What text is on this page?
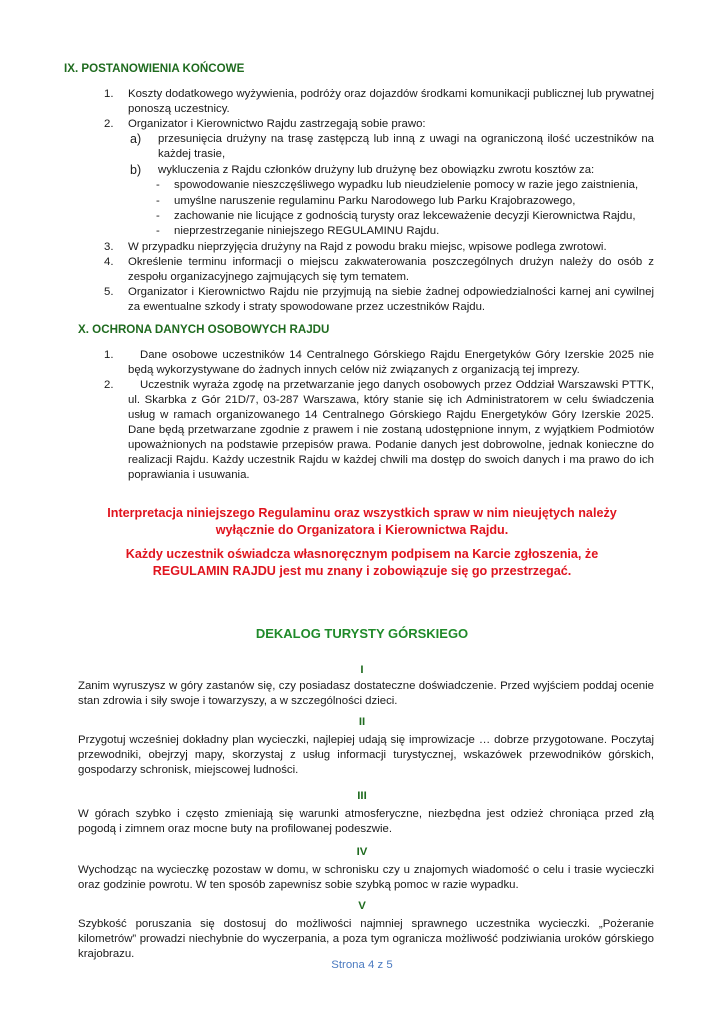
IX. POSTANOWIENIA KOŃCOWE
1. Koszty dodatkowego wyżywienia, podróży oraz dojazdów środkami komunikacji publicznej lub prywatnej ponoszą uczestnicy.
2. Organizator i Kierownictwo Rajdu zastrzegają sobie prawo:
a) przesunięcia drużyny na trasę zastępczą lub inną z uwagi na ograniczoną ilość uczestników na każdej trasie,
b) wykluczenia z Rajdu członków drużyny lub drużynę bez obowiązku zwrotu kosztów za:
- spowodowanie nieszczęśliwego wypadku lub nieudzielenie pomocy w razie jego zaistnienia,
- umyślne naruszenie regulaminu Parku Narodowego lub Parku Krajobrazowego,
- zachowanie nie licujące z godnością turysty oraz lekceważenie decyzji Kierownictwa Rajdu,
- nieprzestrzeganie niniejszego REGULAMINU Rajdu.
3. W przypadku nieprzyjęcia drużyny na Rajd z powodu braku miejsc, wpisowe podlega zwrotowi.
4. Określenie terminu informacji o miejscu zakwaterowania poszczególnych drużyn należy do osób z zespołu organizacyjnego zajmujących się tym tematem.
5. Organizator i Kierownictwo Rajdu nie przyjmują na siebie żadnej odpowiedzialności karnej ani cywilnej za ewentualne szkody i straty spowodowane przez uczestników Rajdu.
X. OCHRONA DANYCH OSOBOWYCH RAJDU
1.	Dane osobowe uczestników 14 Centralnego Górskiego Rajdu Energetyków Góry Izerskie 2025 nie będą wykorzystywane do żadnych innych celów niż związanych z organizacją tej imprezy.
2.	Uczestnik wyraża zgodę na przetwarzanie jego danych osobowych przez Oddział Warszawski PTTK, ul. Skarbka z Gór 21D/7, 03-287 Warszawa, który stanie się ich Administratorem w celu świadczenia usług w ramach organizowanego 14 Centralnego Górskiego Rajdu Energetyków Góry Izerskie 2025. Dane będą przetwarzane zgodnie z prawem i nie zostaną udostępnione innym, z wyjątkiem Podmiotów upoważnionych na podstawie przepisów prawa. Podanie danych jest dobrowolne, jednak konieczne do realizacji Rajdu. Każdy uczestnik Rajdu w każdej chwili ma dostęp do swoich danych i ma prawo do ich poprawiania i usuwania.
Interpretacja niniejszego Regulaminu oraz wszystkich spraw w nim nieujętych należy
wyłącznie do Organizatora i Kierownictwa Rajdu.
Każdy uczestnik oświadcza własnoręcznym podpisem na Karcie zgłoszenia, że
REGULAMIN RAJDU jest mu znany i zobowiązuje się go przestrzegać.
DEKALOG TURYSTY GÓRSKIEGO
I
Zanim wyruszysz w góry zastanów się, czy posiadasz dostateczne doświadczenie. Przed wyjściem poddaj ocenie stan zdrowia i siły swoje i towarzyszy, a w szczególności dzieci.
II
Przygotuj wcześniej dokładny plan wycieczki, najlepiej udają się improwizacje … dobrze przygotowane. Poczytaj przewodniki, obejrzyj mapy, skorzystaj z usług informacji turystycznej, wskazówek przewodników górskich, gospodarzy schronisk, miejscowej ludności.
III
W górach szybko i często zmieniają się warunki atmosferyczne, niezbędna jest odzież chroniąca przed złą pogodą i zimnem oraz mocne buty na profilowanej podeszwie.
IV
Wychodząc na wycieczkę pozostaw w domu, w schronisku czy u znajomych wiadomość o celu i trasie wycieczki oraz godzinie powrotu. W ten sposób zapewnisz sobie szybką pomoc w razie wypadku.
V
Szybkość poruszania się dostosuj do możliwości najmniej sprawnego uczestnika wycieczki. „Pożeranie kilometrów” prowadzi niechybnie do wyczerpania, a poza tym ogranicza możliwość podziwiania uroków górskiego krajobrazu.
Strona 4 z 5
